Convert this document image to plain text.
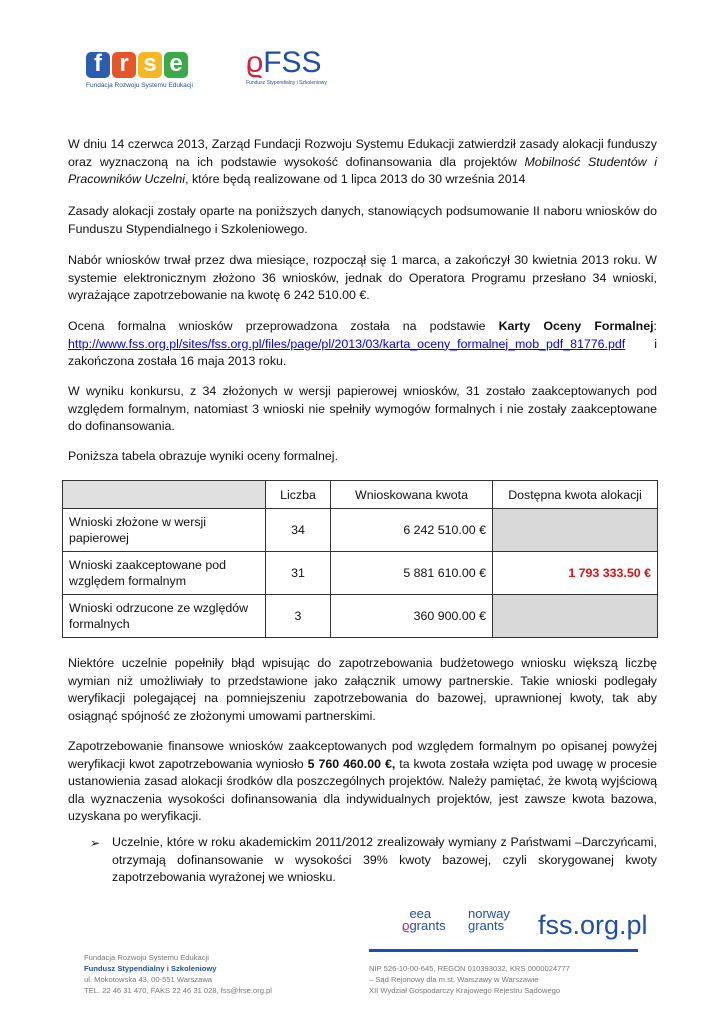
f r s e
Fundacja Rozwoju Systemu Edukacji
ϱFSS
Fundusz Stypendialny i Szkoleniowy
W dniu 14 czerwca 2013, Zarząd Fundacji Rozwoju Systemu Edukacji zatwierdził zasady alokacji funduszy oraz wyznaczoną na ich podstawie wysokość dofinansowania dla projektów Mobilność Studentów i Pracowników Uczelni, które będą realizowane od 1 lipca 2013 do 30 września 2014
Zasady alokacji zostały oparte na poniższych danych, stanowiących podsumowanie II naboru wniosków do Funduszu Stypendialnego i Szkoleniowego.
Nabór wniosków trwał przez dwa miesiące, rozpoczął się 1 marca, a zakończył 30 kwietnia 2013 roku. W systemie elektronicznym złożono 36 wniosków, jednak do Operatora Programu przesłano 34 wnioski, wyrażające zapotrzebowanie na kwotę 6 242 510.00 €.
Ocena formalna wniosków przeprowadzona została na podstawie Karty Oceny Formalnej: http://www.fss.org.pl/sites/fss.org.pl/files/page/pl/2013/03/karta_oceny_formalnej_mob_pdf_81776.pdf i zakończona została 16 maja 2013 roku.
W wyniku konkursu, z 34 złożonych w wersji papierowej wniosków, 31 zostało zaakceptowanych pod względem formalnym, natomiast 3 wnioski nie spełniły wymogów formalnych i nie zostały zaakceptowane do dofinansowania.
Poniższa tabela obrazuje wyniki oceny formalnej.
	Liczba	Wnioskowana kwota	Dostępna kwota alokacji
Wnioski złożone w wersji papierowej	34	6 242 510.00 €	
Wnioski zaakceptowane pod względem formalnym	31	5 881 610.00 €	1 793 333.50 €
Wnioski odrzucone ze względów formalnych	3	360 900.00 €	
Niektóre uczelnie popełniły błąd wpisując do zapotrzebowania budżetowego wniosku większą liczbę wymian niż umożliwiały to przedstawione jako załącznik umowy partnerskie. Takie wnioski podlegały weryfikacji polegającej na pomniejszeniu zapotrzebowania do bazowej, uprawnionej kwoty, tak aby osiągnąć spójność ze złożonymi umowami partnerskimi.
Zapotrzebowanie finansowe wniosków zaakceptowanych pod względem formalnym po opisanej powyżej weryfikacji kwot zapotrzebowania wyniosło 5 760 460.00 €, ta kwota została wzięta pod uwagę w procesie ustanowienia zasad alokacji środków dla poszczególnych projektów. Należy pamiętać, że kwotą wyjściową dla wyznaczenia wysokości dofinansowania dla indywidualnych projektów, jest zawsze kwota bazowa, uzyskana po weryfikacji.
➢ Uczelnie, które w roku akademickim 2011/2012 zrealizowały wymiany z Państwami –Darczyńcami, otrzymają dofinansowanie w wysokości 39% kwoty bazowej, czyli skorygowanej kwoty zapotrzebowania wyrażonej we wniosku.
ϱeea grants
norway grants	fss.org.pl
Fundacja Rozwoju Systemu Edukacji
Fundusz Stypendialny i Szkoleniowy
ul. Mokotowska 43, 00-551 Warszawa
TEL. 22 46 31 470, FAKS 22 46 31 028, fss@frse.org.pl
NIP 526-10-00-645, REGON 010393032, KRS 0000024777
– Sąd Rejonowy dla m.st. Warszawy w Warszawie
XII Wydział Gospodarczy Krajowego Rejestru Sądowego
